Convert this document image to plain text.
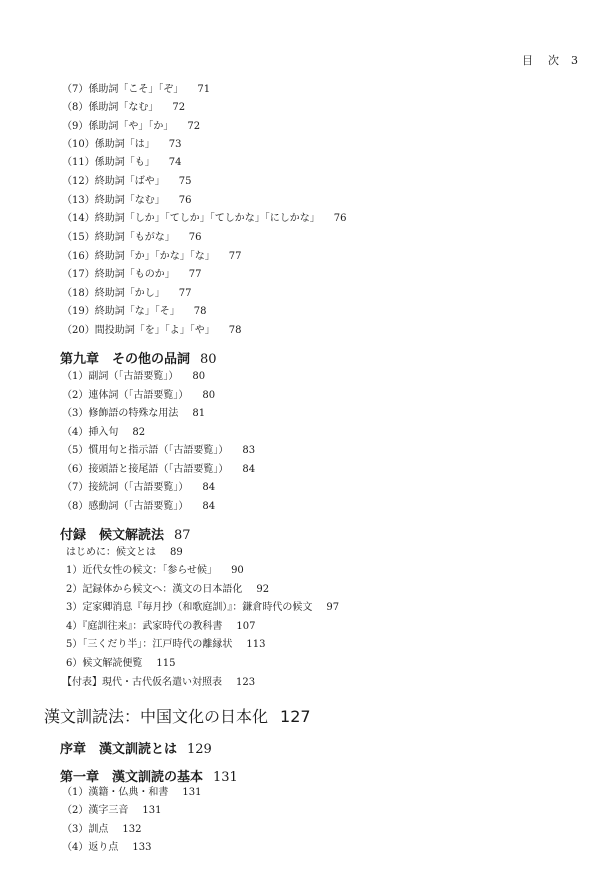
目　次 3
（7）係助詞「こそ」「ぞ」 71
（8）係助詞「なむ」 72
（9）係助詞「や」「か」 72
（10）係助詞「は」 73
（11）係助詞「も」 74
（12）終助詞「ばや」 75
（13）終助詞「なむ」 76
（14）終助詞「しか」「てしか」「てしかな」「にしかな」 76
（15）終助詞「もがな」 76
（16）終助詞「か」「かな」「な」 77
（17）終助詞「ものか」 77
（18）終助詞「かし」 77
（19）終助詞「な」「そ」 78
（20）間投助詞「を」「よ」「や」 78
第九章　その他の品詞 80
（1）副詞（「古語要覧」） 80
（2）連体詞（「古語要覧」） 80
（3）修飾語の特殊な用法 81
（4）挿入句 82
（5）慣用句と指示語（「古語要覧」） 83
（6）接頭語と接尾語（「古語要覧」） 84
（7）接続詞（「古語要覧」） 84
（8）感動詞（「古語要覧」） 84
付録　候文解読法 87
はじめに：候文とは 89
1）近代女性の候文：「参らせ候」 90
2）記録体から候文へ：漢文の日本語化 92
3）定家卿消息『毎月抄（和歌庭訓）』：鎌倉時代の候文 97
4）『庭訓往来』：武家時代の教科書 107
5）「三くだり半」：江戸時代の離縁状 113
6）候文解読便覧 115
【付表】現代・古代仮名遣い対照表 123
漢文訓読法：中国文化の日本化 127
序章　漢文訓読とは 129
第一章　漢文訓読の基本 131
（1）漢籍・仏典・和書 131
（2）漢字三音 131
（3）訓点 132
（4）返り点 133
